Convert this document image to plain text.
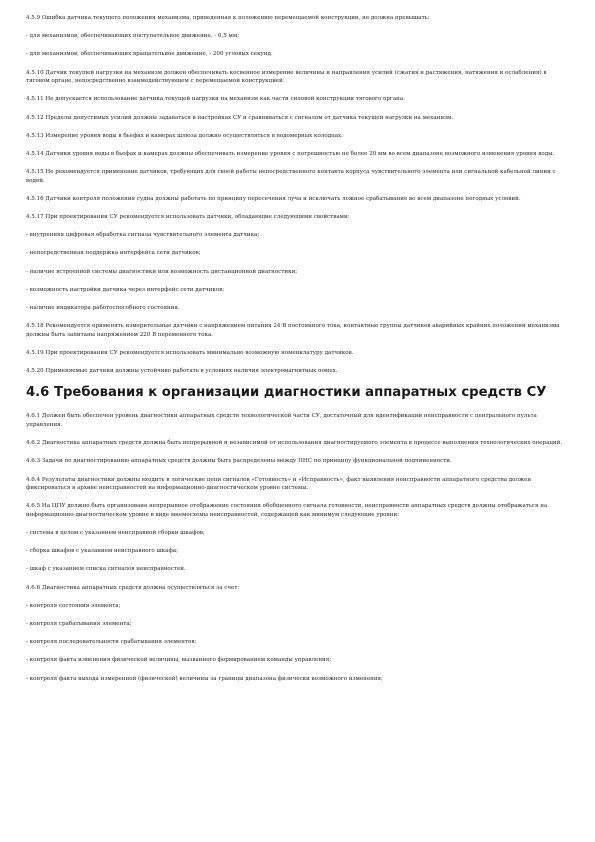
4.5.9 Ошибка датчика текущего положения механизма, приведенная к положению перемещаемой конструкции, не должна превышать:

- для механизмов, обеспечивающих поступательное движение, - 0,5 мм;

- для механизмов, обеспечивающих вращательное движение, - 200 угловых секунд.

4.5.10 Датчик текущей нагрузки на механизм должен обеспечивать косвенное измерение величины и направления усилий (сжатия и растяжения, натяжения и ослабления) в тяговом органе, непосредственно взаимодействующем с перемещаемой конструкцией.

4.5.11 Не допускается использование датчика текущей нагрузки на механизм как части силовой конструкции тягового органа.

4.5.12 Пределы допустимых усилий должны задаваться в настройках СУ и сравниваться с сигналом от датчика текущей нагрузки на механизм.

4.5.13 Измерение уровня воды в бьефах и камерах шлюза должно осуществляться в водомерных колодцах.

4.5.14 Датчики уровня воды в бьефах и камерах должны обеспечивать измерение уровня с погрешностью не более 20 мм во всем диапазоне возможного изменения уровня воды.

4.5.15 Не рекомендуется применение датчиков, требующих для своей работы непосредственного контакта корпуса чувствительного элемента или сигнальной кабельной линии с водой.

4.5.16 Датчики контроля положения судна должны работать по принципу пересечения луча и исключать ложное срабатывание во всем диапазоне погодных условий.

4.5.17 При проектировании СУ рекомендуется использовать датчики, обладающие следующими свойствами:

- внутренняя цифровая обработка сигнала чувствительного элемента датчика;

- непосредственная поддержка интерфейса сети датчиков;

- наличие встроенной системы диагностики или возможность дистанционной диагностики;

- возможность настройки датчика через интерфейс сети датчиков;

- наличие индикатора работоспособного состояния.

4.5.18 Рекомендуется применять измерительные датчики с напряжением питания 24 В постоянного тока, контактные группы датчиков аварийных крайних положений механизма должны быть запитаны напряжением 220 В переменного тока.

4.5.19 При проектировании СУ рекомендуется использовать минимально возможную номенклатуру датчиков.

4.5.20 Применяемые датчики должны устойчиво работать в условиях наличия электромагнитных помех.

4.6 Требования к организации диагностики аппаратных средств СУ

4.6.1 Должен быть обеспечен уровень диагностики аппаратных средств технологической части СУ, достаточный для идентификации неисправности с центрального пульта управления.

4.6.2 Диагностика аппаратных средств должна быть непрерывной и независимой от использования диагностируемого элемента в процессе выполнения технологических операций.

4.6.3 Задачи по диагностированию аппаратных средств должны быть распределены между ПНС по принципу функциональной подчиненности.

4.6.4 Результаты диагностики должны входить в логические цепи сигналов «Готовность» и «Исправность», факт выявления неисправности аппаратного средства должен фиксироваться в архиве неисправностей на информационно-диагностическом уровне системы.

4.6.5 На ЦПУ должно быть организовано непрерывное отображение состояния обобщенного сигнала готовности, неисправности аппаратных средств должны отображаться на информационно-диагностическом уровне в виде мнемосхемы неисправностей, содержащей как минимум следующие уровни:

- система в целом с указанием неисправной сборки шкафов;

- сборка шкафов с указанием неисправного шкафа;

- шкаф с указанием списка сигналов неисправностей.

4.6.6 Диагностика аппаратных средств должна осуществляться за счет:

- контроля состояния элемента;

- контроля срабатывания элемента;

- контроля последовательности срабатывания элементов;

- контроля факта изменения физической величины, вызванного формированием команды управления;

- контроля факта выхода измеренной (физической) величины за границы диапазона физически возможного изменения;
